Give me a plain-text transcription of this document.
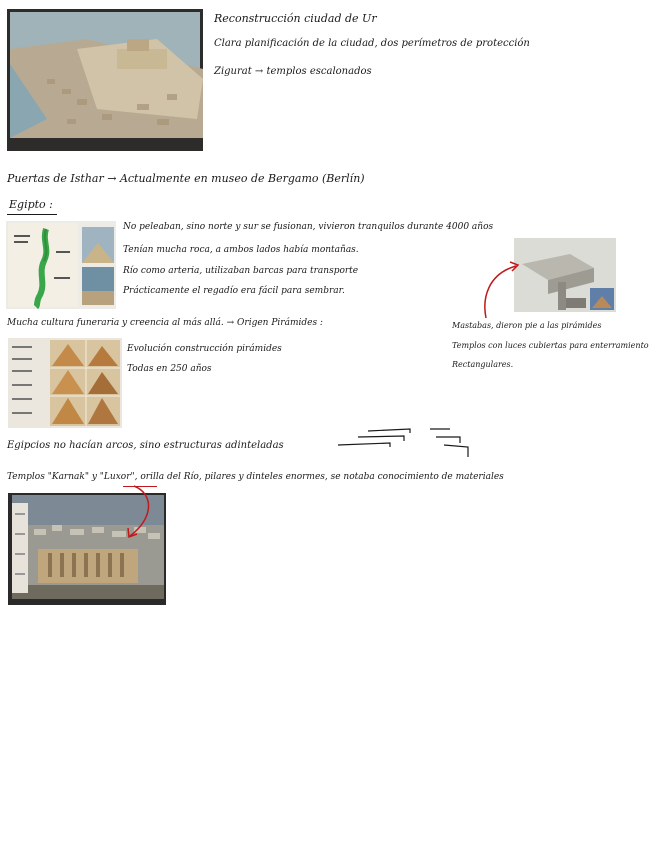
Reconstrucción ciudad de Ur
Clara planificación de la ciudad, dos perímetros de protección
Zigurat → templos escalonados
Puertas de Isthar → Actualmente en museo de Bergamo (Berlín)
Egipto :
No peleaban, sino norte y sur se fusionan, vivieron tranquilos durante 4000 años
Tenían mucha roca, a ambos lados había montañas.
Río como arteria, utilizaban barcas para transporte
Prácticamente el regadío era fácil para sembrar.
Mucha cultura funeraria y creencia al más allá. → Origen Pirámides :	Mastabas, dieron pie a las pirámides
Templos con luces cubiertas para enterramiento
Rectangulares.
Evolución construcción pirámides
Todas en 250 años
Egipcios no hacían arcos, sino estructuras adinteladas
Templos "Karnak" y "Luxor", orilla del Río, pilares y dinteles enormes, se notaba conocimiento de materiales
